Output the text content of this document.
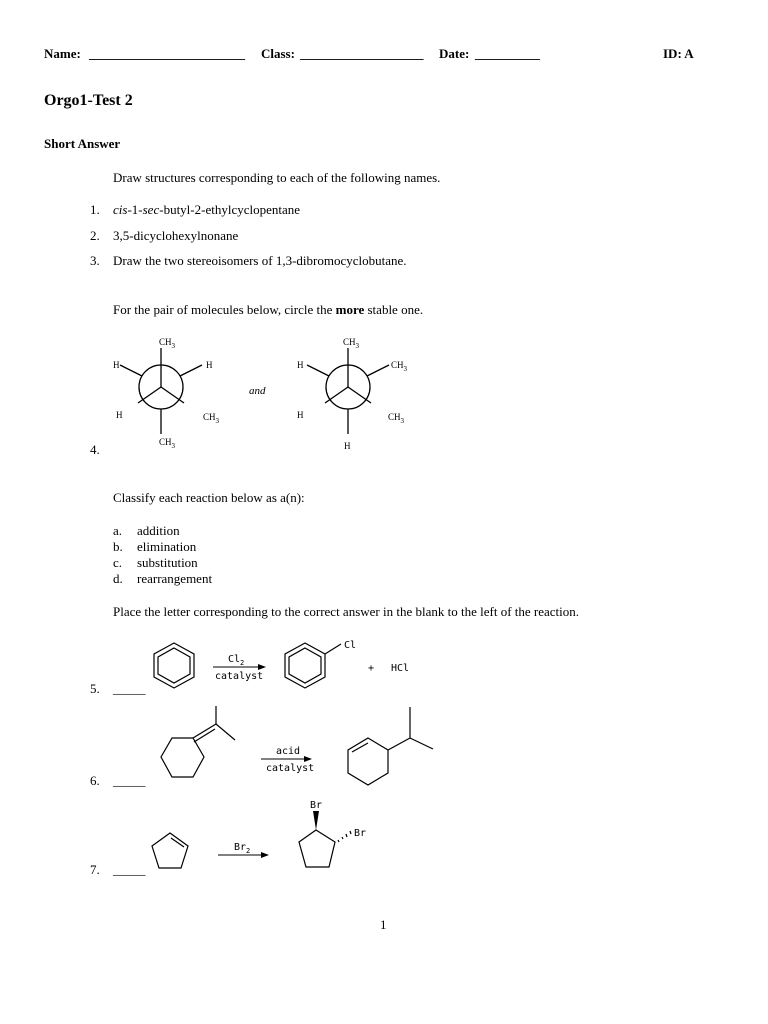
Name: ________________________ Class: ___________________ Date: __________	ID: A
Orgo1-Test 2
Short Answer
Draw structures corresponding to each of the following names.
1. cis-1-sec-butyl-2-ethylcyclopentane
2. 3,5-dicyclohexylnonane
3. Draw the two stereoisomers of 1,3-dibromocyclobutane.
For the pair of molecules below, circle the more stable one.
4.
$CH_3$
H	H
H	$CH_3$
$CH_3$
and
$CH_3$
H	$CH_3$
H	$CH_3$
H
Classify each reaction below as a(n):
a. addition
b. elimination
c. substitution
d. rearrangement
Place the letter corresponding to the correct answer in the blank to the left of the reaction.
5. _____
$Cl_2$
catalyst
Cl
+ HCl
6. _____
acid
catalyst
7. _____
$Br_2$
Br
Br
1
